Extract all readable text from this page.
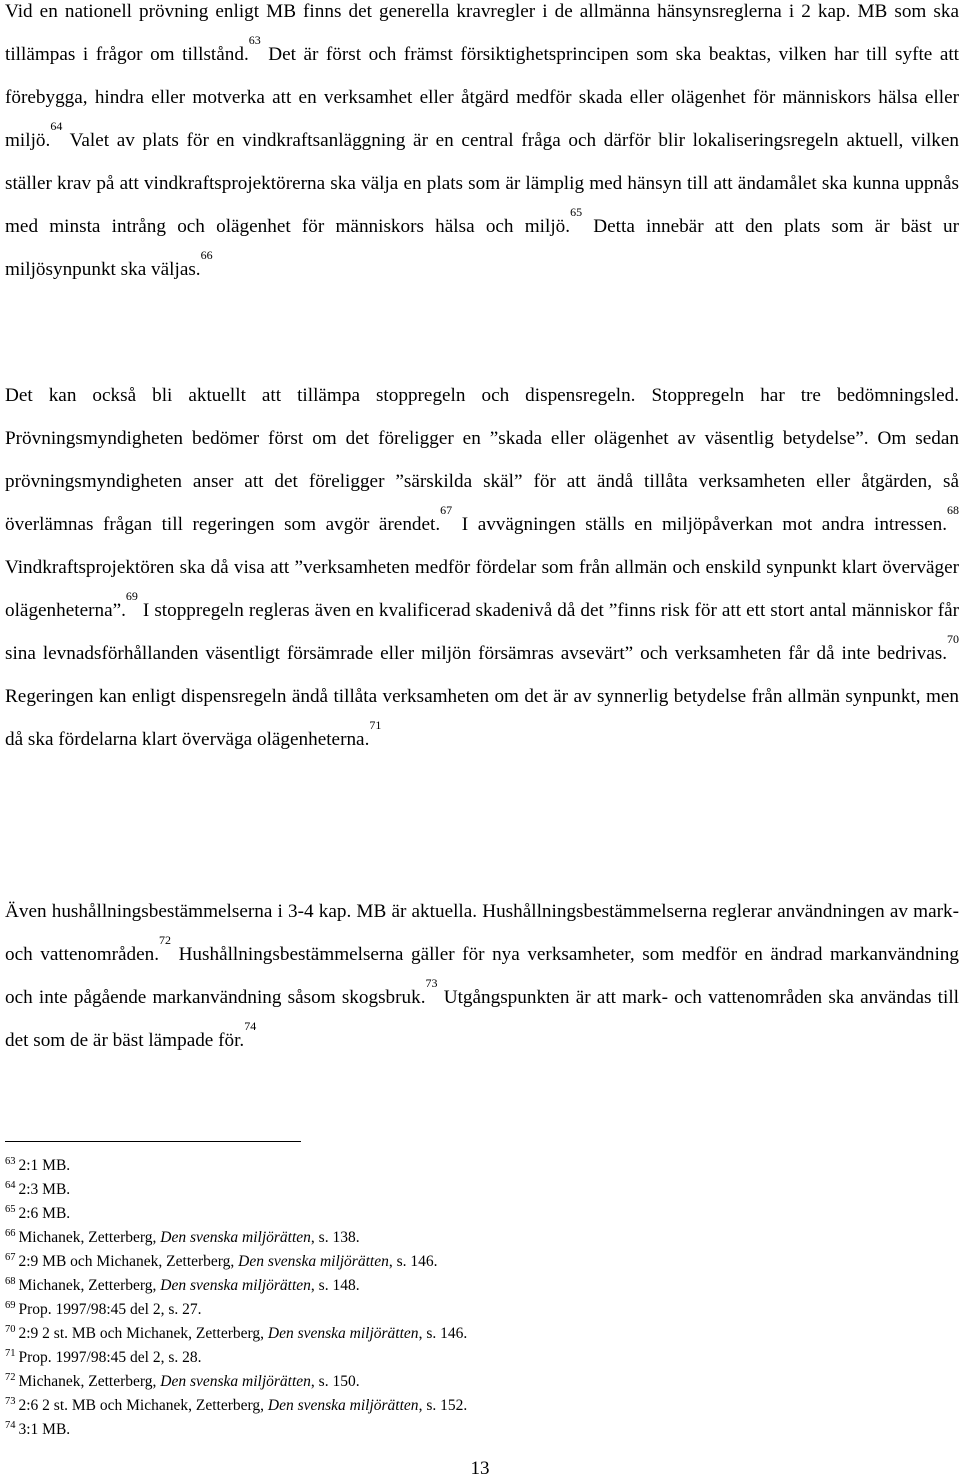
Vid en nationell prövning enligt MB finns det generella kravregler i de allmänna hänsynsreglerna i 2 kap. MB som ska tillämpas i frågor om tillstånd.$^{63}$ Det är först och främst försiktighetsprincipen som ska beaktas, vilken har till syfte att förebygga, hindra eller motverka att en verksamhet eller åtgärd medför skada eller olägenhet för människors hälsa eller miljö.$^{64}$ Valet av plats för en vindkraftsanläggning är en central fråga och därför blir lokaliseringsregeln aktuell, vilken ställer krav på att vindkraftsprojektörerna ska välja en plats som är lämplig med hänsyn till att ändamålet ska kunna uppnås med minsta intrång och olägenhet för människors hälsa och miljö.$^{65}$ Detta innebär att den plats som är bäst ur miljösynpunkt ska väljas.$^{66}$

Det kan också bli aktuellt att tillämpa stoppregeln och dispensregeln. Stoppregeln har tre bedömningsled. Prövningsmyndigheten bedömer först om det föreligger en ”skada eller olägenhet av väsentlig betydelse”. Om sedan prövningsmyndigheten anser att det föreligger ”särskilda skäl” för att ändå tillåta verksamheten eller åtgärden, så överlämnas frågan till regeringen som avgör ärendet.$^{67}$ I avvägningen ställs en miljöpåverkan mot andra intressen.$^{68}$ Vindkraftsprojektören ska då visa att ”verksamheten medför fördelar som från allmän och enskild synpunkt klart överväger olägenheterna”.$^{69}$ I stoppregeln regleras även en kvalificerad skadenivå då det ”finns risk för att ett stort antal människor får sina levnadsförhållanden väsentligt försämrade eller miljön försämras avsevärt” och verksamheten får då inte bedrivas.$^{70}$ Regeringen kan enligt dispensregeln ändå tillåta verksamheten om det är av synnerlig betydelse från allmän synpunkt, men då ska fördelarna klart överväga olägenheterna.$^{71}$

Även hushållningsbestämmelserna i 3-4 kap. MB är aktuella. Hushållningsbestämmelserna reglerar användningen av mark- och vattenområden.$^{72}$ Hushållningsbestämmelserna gäller för nya verksamheter, som medför en ändrad markanvändning och inte pågående markanvändning såsom skogsbruk.$^{73}$ Utgångspunkten är att mark- och vattenområden ska användas till det som de är bäst lämpade för.$^{74}$

$^{63}$ 2:1 MB.
$^{64}$ 2:3 MB.
$^{65}$ 2:6 MB.
$^{66}$ Michanek, Zetterberg, Den svenska miljörätten, s. 138.
$^{67}$ 2:9 MB och Michanek, Zetterberg, Den svenska miljörätten, s. 146.
$^{68}$ Michanek, Zetterberg, Den svenska miljörätten, s. 148.
$^{69}$ Prop. 1997/98:45 del 2, s. 27.
$^{70}$ 2:9 2 st. MB och Michanek, Zetterberg, Den svenska miljörätten, s. 146.
$^{71}$ Prop. 1997/98:45 del 2, s. 28.
$^{72}$ Michanek, Zetterberg, Den svenska miljörätten, s. 150.
$^{73}$ 2:6 2 st. MB och Michanek, Zetterberg, Den svenska miljörätten, s. 152.
$^{74}$ 3:1 MB.
13
